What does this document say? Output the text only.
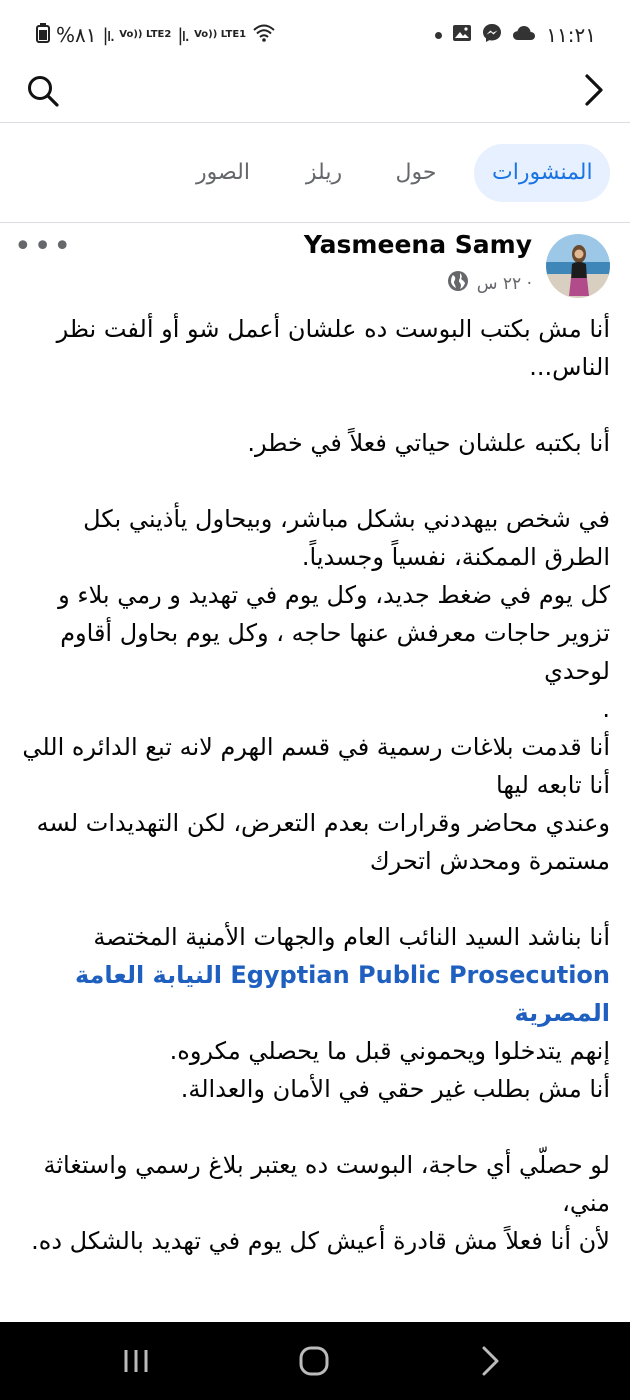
%٨١ |ı. Vo)) LTE2 |ı. Vo)) LTE1	١١:٢١
المنشورات
حول
ريلز
الصور
•••	Yasmeena Samy
٢٢ س ·

أنا مش بكتب البوست ده علشان أعمل شو أو ألفت نظر الناس...

أنا بكتبه علشان حياتي فعلاً في خطر.

في شخص بيهددني بشكل مباشر، وبيحاول يأذيني بكل الطرق الممكنة، نفسياً وجسدياً.

كل يوم في ضغط جديد، وكل يوم في تهديد و رمي بلاء و تزوير حاجات معرفش عنها حاجه ، وكل يوم بحاول أقاوم لوحدي

.

أنا قدمت بلاغات رسمية في قسم الهرم لانه تبع الدائره اللي أنا تابعه ليها

وعندي محاضر وقرارات بعدم التعرض، لكن التهديدات لسه مستمرة ومحدش اتحرك

أنا بناشد السيد النائب العام والجهات الأمنية المختصة

Egyptian Public Prosecution النيابة العامة المصرية

إنهم يتدخلوا ويحموني قبل ما يحصلي مكروه.

أنا مش بطلب غير حقي في الأمان والعدالة.

لو حصلّي أي حاجة، البوست ده يعتبر بلاغ رسمي واستغاثة مني،

لأن أنا فعلاً مش قادرة أعيش كل يوم في تهديد بالشكل ده.
